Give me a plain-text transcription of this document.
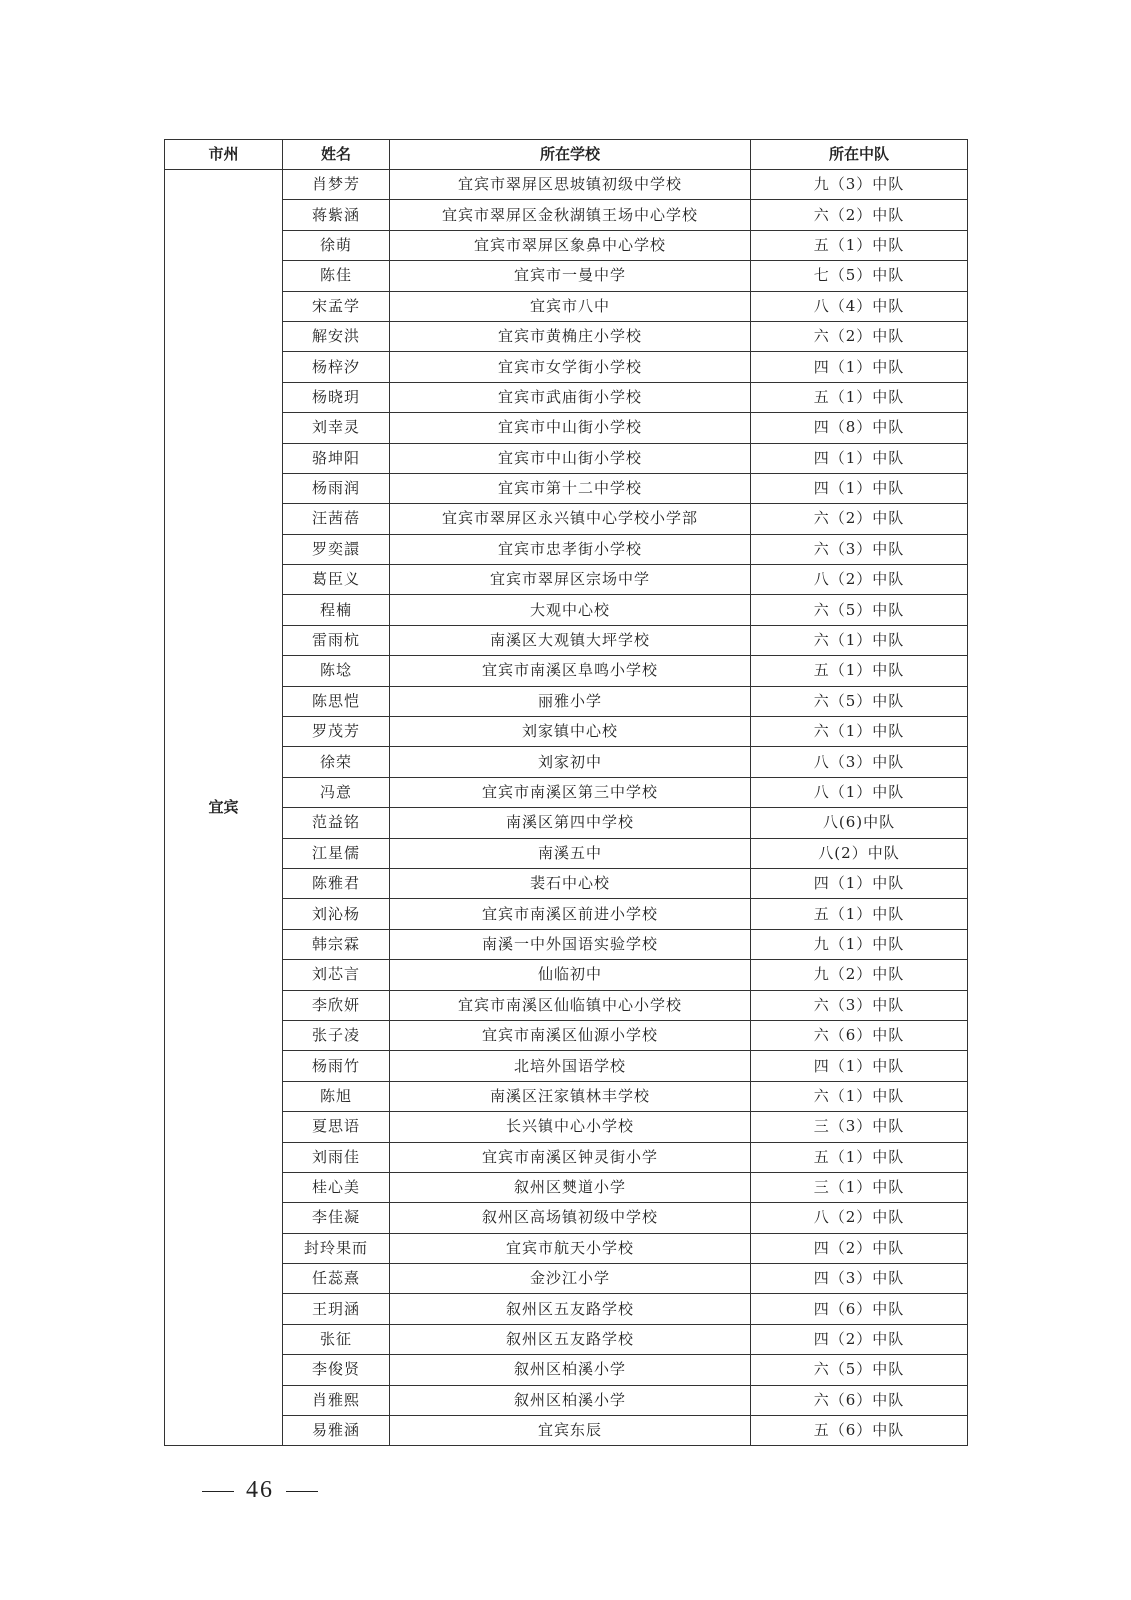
市州	姓名	所在学校	所在中队
宜宾	肖梦芳	宜宾市翠屏区思坡镇初级中学校	九（3）中队
	蒋紫涵	宜宾市翠屏区金秋湖镇王场中心学校	六（2）中队
	徐萌	宜宾市翠屏区象鼻中心学校	五（1）中队
	陈佳	宜宾市一曼中学	七（5）中队
	宋孟学	宜宾市八中	八（4）中队
	解安洪	宜宾市黄桷庄小学校	六（2）中队
	杨梓汐	宜宾市女学街小学校	四（1）中队
	杨晓玥	宜宾市武庙街小学校	五（1）中队
	刘幸灵	宜宾市中山街小学校	四（8）中队
	骆坤阳	宜宾市中山街小学校	四（1）中队
	杨雨润	宜宾市第十二中学校	四（1）中队
	汪茜蓓	宜宾市翠屏区永兴镇中心学校小学部	六（2）中队
	罗奕譞	宜宾市忠孝街小学校	六（3）中队
	葛臣义	宜宾市翠屏区宗场中学	八（2）中队
	程楠	大观中心校	六（5）中队
	雷雨杭	南溪区大观镇大坪学校	六（1）中队
	陈埝	宜宾市南溪区阜鸣小学校	五（1）中队
	陈思恺	丽雅小学	六（5）中队
	罗茂芳	刘家镇中心校	六（1）中队
	徐荣	刘家初中	八（3）中队
	冯意	宜宾市南溪区第三中学校	八（1）中队
	范益铭	南溪区第四中学校	八(6)中队
	江星儒	南溪五中	八(2）中队
	陈雅君	裴石中心校	四（1）中队
	刘沁杨	宜宾市南溪区前进小学校	五（1）中队
	韩宗霖	南溪一中外国语实验学校	九（1）中队
	刘芯言	仙临初中	九（2）中队
	李欣妍	宜宾市南溪区仙临镇中心小学校	六（3）中队
	张子凌	宜宾市南溪区仙源小学校	六（6）中队
	杨雨竹	北培外国语学校	四（1）中队
	陈旭	南溪区汪家镇林丰学校	六（1）中队
	夏思语	长兴镇中心小学校	三（3）中队
	刘雨佳	宜宾市南溪区钟灵街小学	五（1）中队
	桂心美	叙州区僰道小学	三（1）中队
	李佳凝	叙州区高场镇初级中学校	八（2）中队
	封玲果而	宜宾市航天小学校	四（2）中队
	任蕊熹	金沙江小学	四（3）中队
	王玥涵	叙州区五友路学校	四（6）中队
	张征	叙州区五友路学校	四（2）中队
	李俊贤	叙州区柏溪小学	六（5）中队
	肖雅熙	叙州区柏溪小学	六（6）中队
	易雅涵	宜宾东辰	五（6）中队
46
